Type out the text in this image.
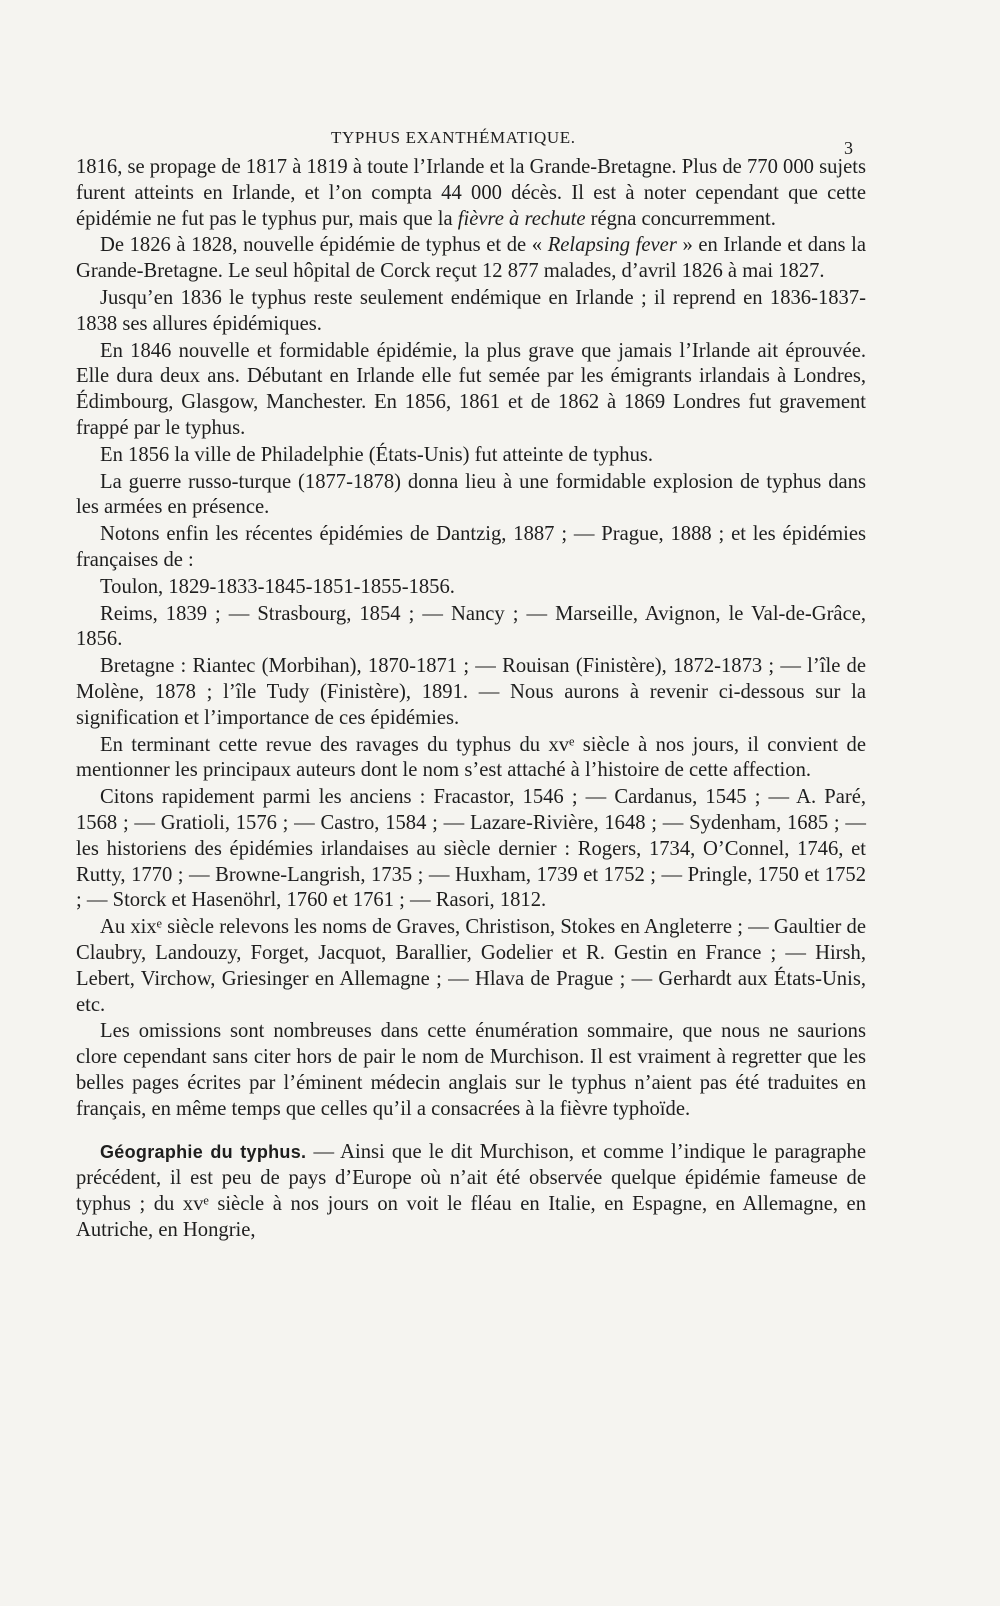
TYPHUS EXANTHÉMATIQUE.
3

1816, se propage de 1817 à 1819 à toute l’Irlande et la Grande-Bretagne. Plus de 770 000 sujets furent atteints en Irlande, et l’on compta 44 000 décès. Il est à noter cependant que cette épidémie ne fut pas le typhus pur, mais que la fièvre à rechute régna concurremment.

De 1826 à 1828, nouvelle épidémie de typhus et de « Relapsing fever » en Irlande et dans la Grande-Bretagne. Le seul hôpital de Corck reçut 12 877 malades, d’avril 1826 à mai 1827.

Jusqu’en 1836 le typhus reste seulement endémique en Irlande ; il reprend en 1836-1837-1838 ses allures épidémiques.

En 1846 nouvelle et formidable épidémie, la plus grave que jamais l’Irlande ait éprouvée. Elle dura deux ans. Débutant en Irlande elle fut semée par les émigrants irlandais à Londres, Édimbourg, Glasgow, Manchester. En 1856, 1861 et de 1862 à 1869 Londres fut gravement frappé par le typhus.

En 1856 la ville de Philadelphie (États-Unis) fut atteinte de typhus.

La guerre russo-turque (1877-1878) donna lieu à une formidable explosion de typhus dans les armées en présence.

Notons enfin les récentes épidémies de Dantzig, 1887 ; — Prague, 1888 ; et les épidémies françaises de :

Toulon, 1829-1833-1845-1851-1855-1856.

Reims, 1839 ; — Strasbourg, 1854 ; — Nancy ; — Marseille, Avignon, le Val-de-Grâce, 1856.

Bretagne : Riantec (Morbihan), 1870-1871 ; — Rouisan (Finistère), 1872-1873 ; — l’île de Molène, 1878 ; l’île Tudy (Finistère), 1891. — Nous aurons à revenir ci-dessous sur la signification et l’importance de ces épidémies.

En terminant cette revue des ravages du typhus du xvᵉ siècle à nos jours, il convient de mentionner les principaux auteurs dont le nom s’est attaché à l’histoire de cette affection.

Citons rapidement parmi les anciens : Fracastor, 1546 ; — Cardanus, 1545 ; — A. Paré, 1568 ; — Gratioli, 1576 ; — Castro, 1584 ; — Lazare-Rivière, 1648 ; — Sydenham, 1685 ; — les historiens des épidémies irlandaises au siècle dernier : Rogers, 1734, O’Connel, 1746, et Rutty, 1770 ; — Browne-Langrish, 1735 ; — Huxham, 1739 et 1752 ; — Pringle, 1750 et 1752 ; — Storck et Hasenöhrl, 1760 et 1761 ; — Rasori, 1812.

Au xixᵉ siècle relevons les noms de Graves, Christison, Stokes en Angleterre ; — Gaultier de Claubry, Landouzy, Forget, Jacquot, Barallier, Godelier et R. Gestin en France ; — Hirsh, Lebert, Virchow, Griesinger en Allemagne ; — Hlava de Prague ; — Gerhardt aux États-Unis, etc.

Les omissions sont nombreuses dans cette énumération sommaire, que nous ne saurions clore cependant sans citer hors de pair le nom de Murchison. Il est vraiment à regretter que les belles pages écrites par l’éminent médecin anglais sur le typhus n’aient pas été traduites en français, en même temps que celles qu’il a consacrées à la fièvre typhoïde.

Géographie du typhus. — Ainsi que le dit Murchison, et comme l’indique le paragraphe précédent, il est peu de pays d’Europe où n’ait été observée quelque épidémie fameuse de typhus ; du xvᵉ siècle à nos jours on voit le fléau en Italie, en Espagne, en Allemagne, en Autriche, en Hongrie,
